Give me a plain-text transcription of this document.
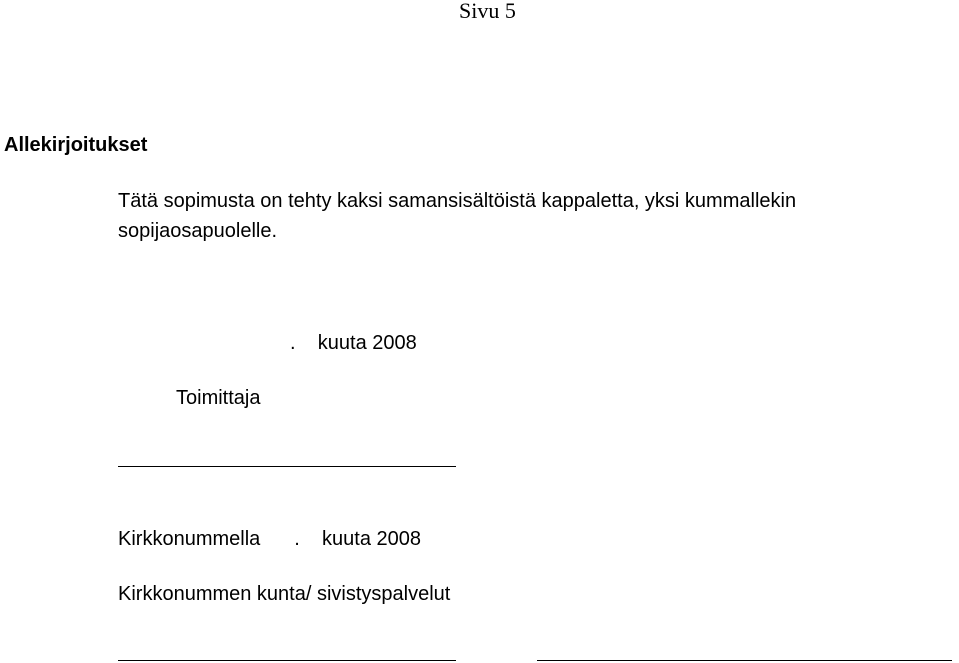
Sivu 5
Allekirjoitukset
Tätä sopimusta on tehty kaksi samansisältöistä kappaletta, yksi kummallekin
sopijaosapuolelle.
.    kuuta 2008
Toimittaja
Kirkkonummella .    kuuta 2008
Kirkkonummen kunta/ sivistyspalvelut
